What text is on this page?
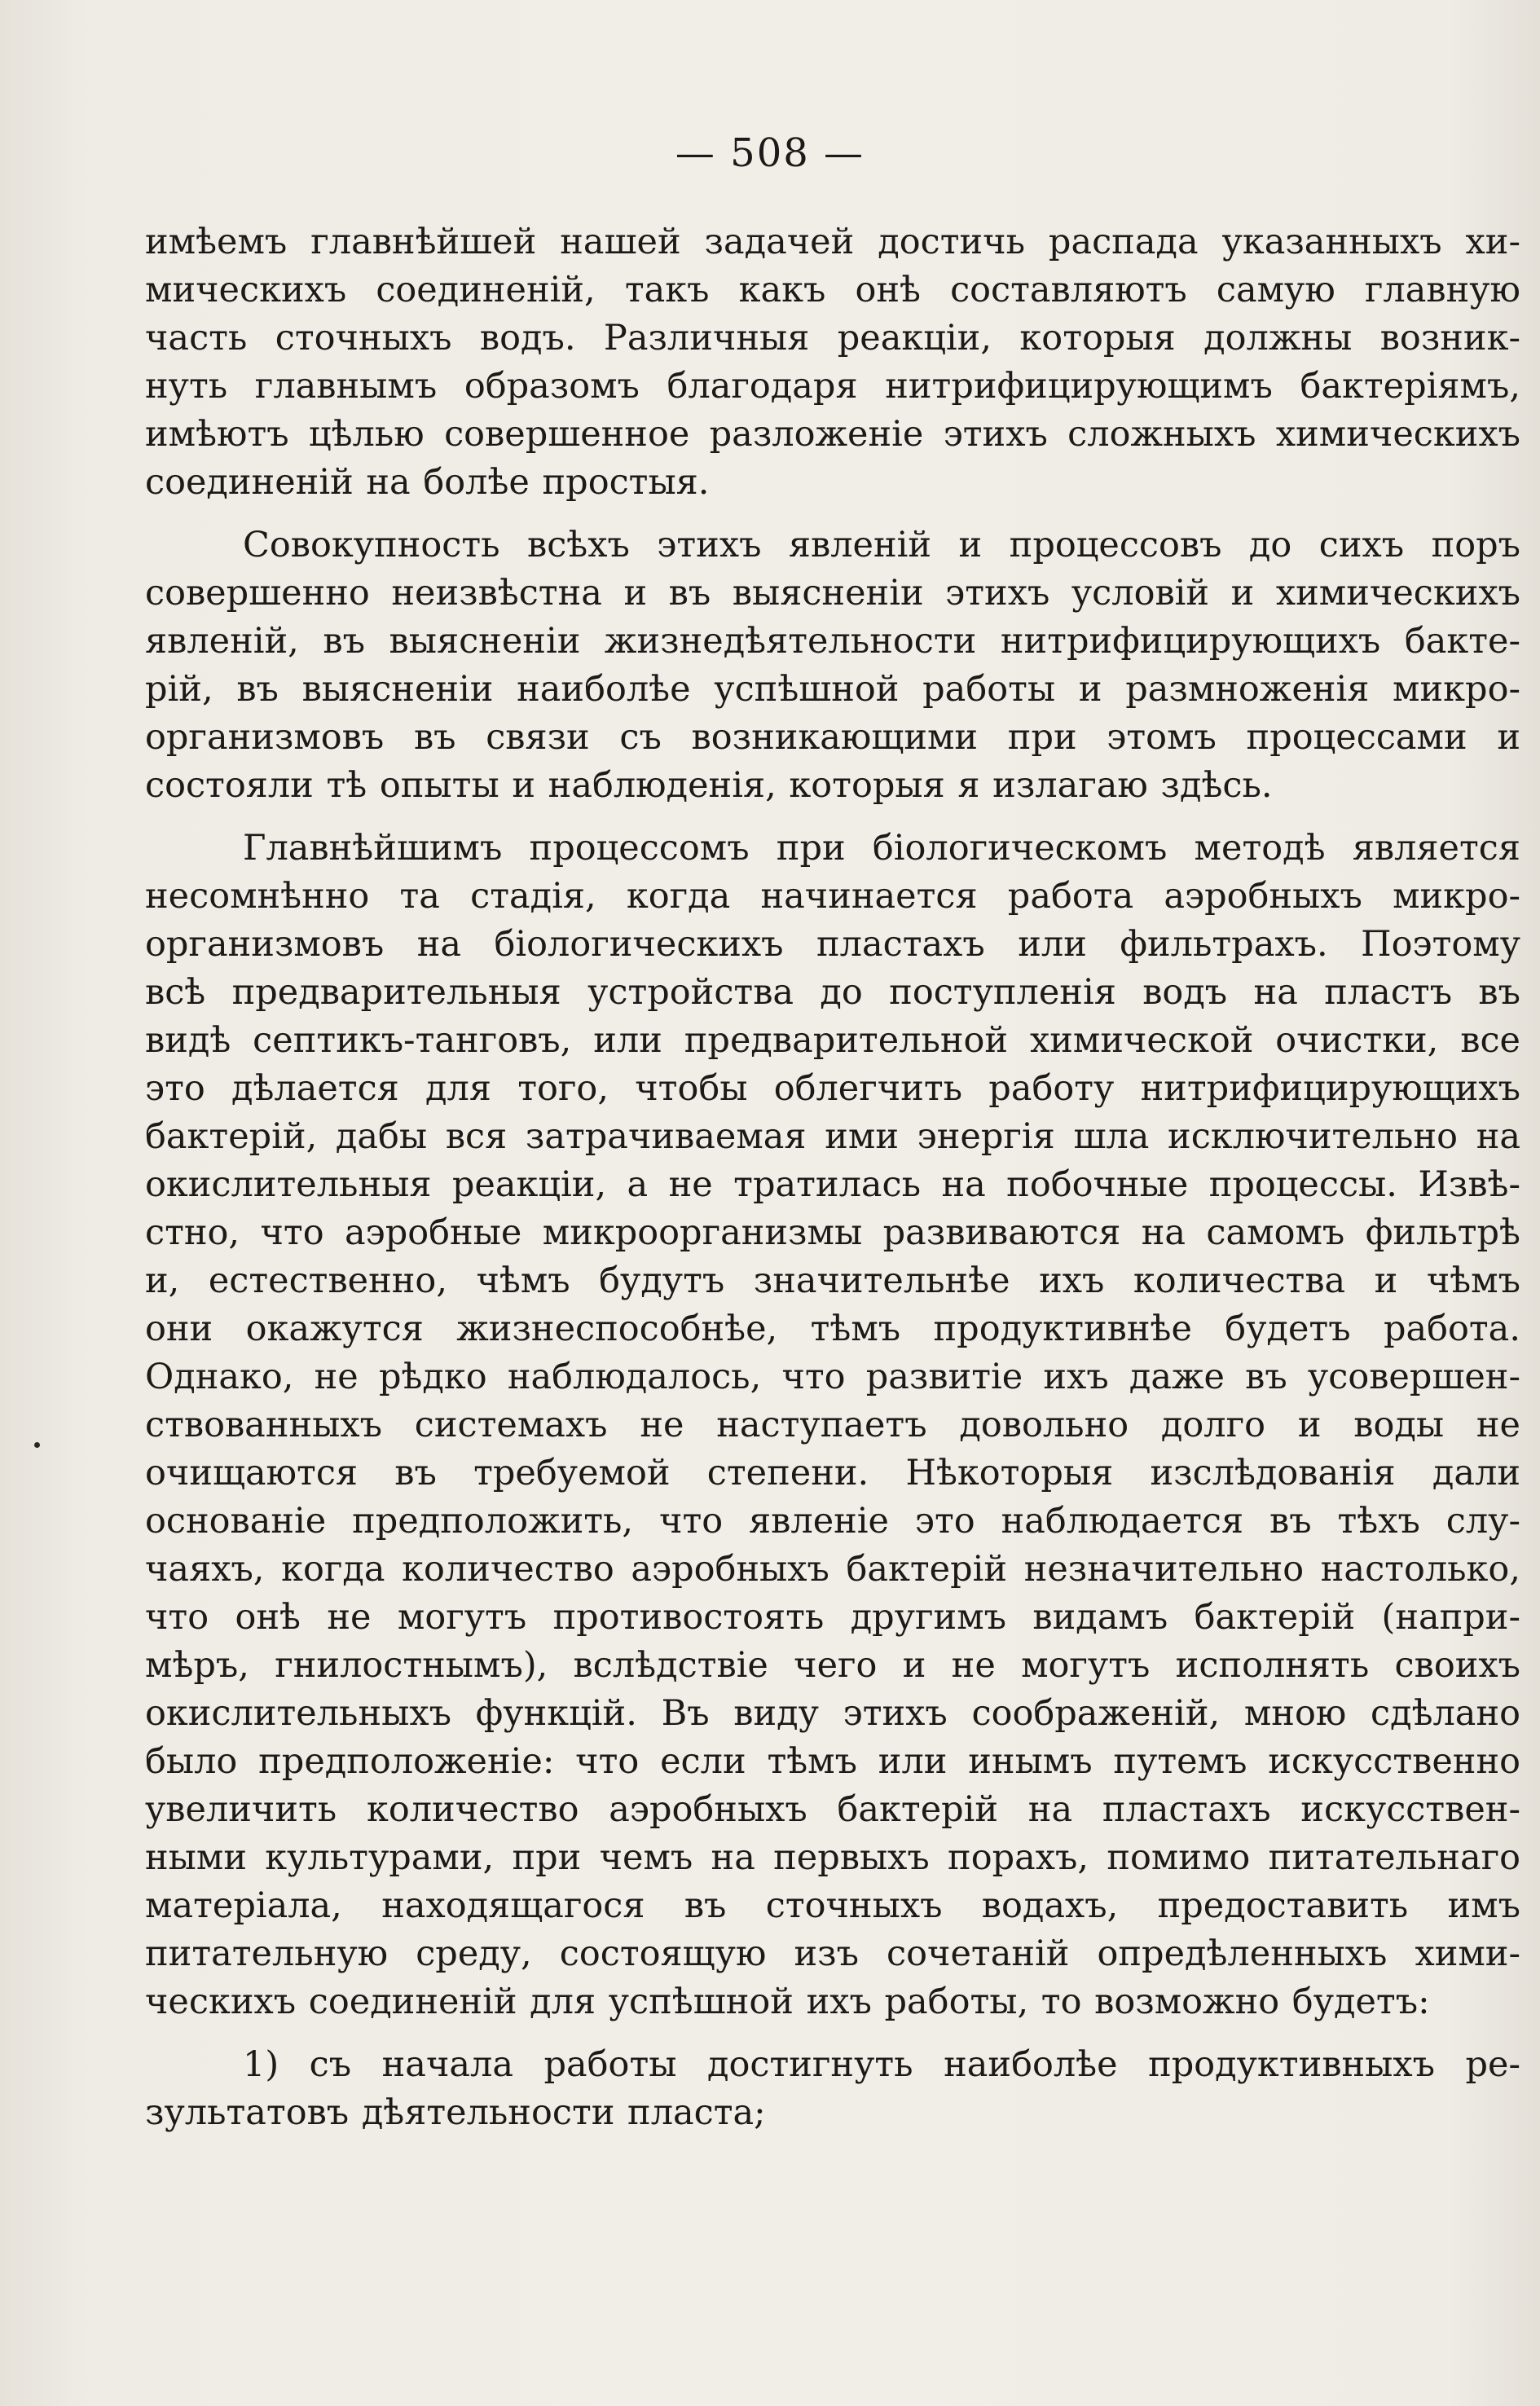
— 508 —
имѣемъ главнѣйшей нашей задачей достичь распада указанныхъ хи-
мическихъ соединенiй, такъ какъ онѣ составляютъ самую главную
часть сточныхъ водъ. Различныя реакцiи, которыя должны возник-
нуть главнымъ образомъ благодаря нитрифицирующимъ бактерiямъ,
имѣютъ цѣлью совершенное разложенiе этихъ сложныхъ химическихъ
соединенiй на болѣе простыя.
Совокупность всѣхъ этихъ явленiй и процессовъ до сихъ поръ
совершенно неизвѣстна и въ выясненiи этихъ условiй и химическихъ
явленiй, въ выясненiи жизнедѣятельности нитрифицирующихъ бакте-
рiй, въ выясненiи наиболѣе успѣшной работы и размноженiя микро-
организмовъ въ связи съ возникающими при этомъ процессами и
состояли тѣ опыты и наблюденiя, которыя я излагаю здѣсь.
Главнѣйшимъ процессомъ при бiологическомъ методѣ является
несомнѣнно та стадiя, когда начинается работа аэробныхъ микро-
организмовъ на бiологическихъ пластахъ или фильтрахъ. Поэтому
всѣ предварительныя устройства до поступленiя водъ на пластъ въ
видѣ септикъ-танговъ, или предварительной химической очистки, все
это дѣлается для того, чтобы облегчить работу нитрифицирующихъ
бактерiй, дабы вся затрачиваемая ими энергiя шла исключительно на
окислительныя реакцiи, а не тратилась на побочные процессы. Извѣ-
стно, что аэробные микроорганизмы развиваются на самомъ фильтрѣ
и, естественно, чѣмъ будутъ значительнѣе ихъ количества и чѣмъ
они окажутся жизнеспособнѣе, тѣмъ продуктивнѣе будетъ работа.
Однако, не рѣдко наблюдалось, что развитiе ихъ даже въ усовершен-
ствованныхъ системахъ не наступаетъ довольно долго и воды не
очищаются въ требуемой степени. Нѣкоторыя изслѣдованiя дали
основанiе предположить, что явленiе это наблюдается въ тѣхъ слу-
чаяхъ, когда количество аэробныхъ бактерiй незначительно настолько,
что онѣ не могутъ противостоять другимъ видамъ бактерiй (напри-
мѣръ, гнилостнымъ), вслѣдствiе чего и не могутъ исполнять своихъ
окислительныхъ функцiй. Въ виду этихъ соображенiй, мною сдѣлано
было предположенiе: что если тѣмъ или инымъ путемъ искусственно
увеличить количество аэробныхъ бактерiй на пластахъ искусствен-
ными культурами, при чемъ на первыхъ порахъ, помимо питательнаго
матерiала, находящагося въ сточныхъ водахъ, предоставить имъ
питательную среду, состоящую изъ сочетанiй опредѣленныхъ хими-
ческихъ соединенiй для успѣшной ихъ работы, то возможно будетъ:
1) съ начала работы достигнуть наиболѣе продуктивныхъ ре-
зультатовъ дѣятельности пласта;
